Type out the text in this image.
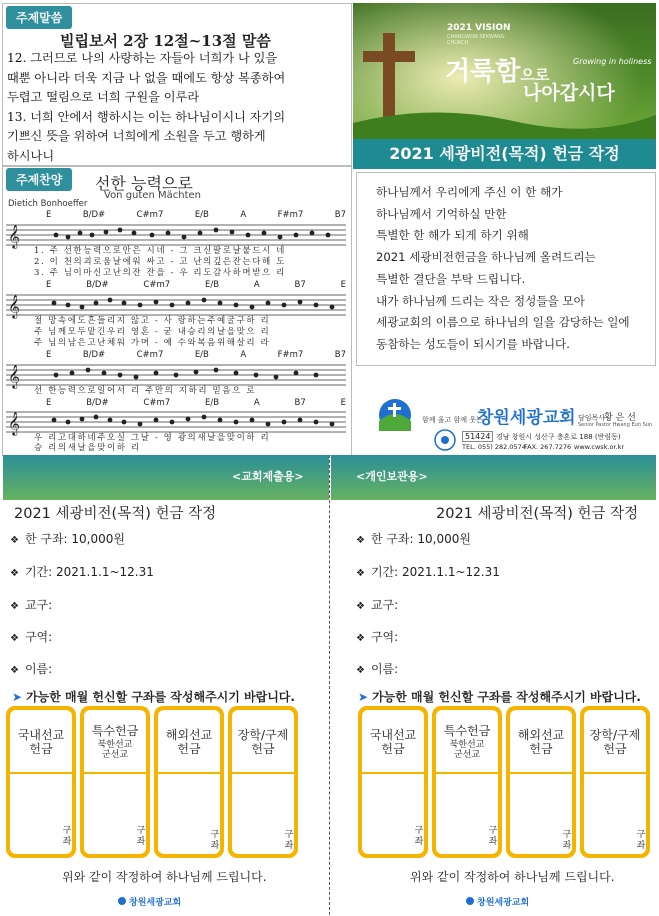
주제말씀
빌립보서 2장 12절~13절 말씀
12. 그러므로 나의 사랑하는 자들아 너희가 나 있을
때뿐 아니라 더욱 지금 나 없을 때에도 항상 복종하여
두렵고 떨림으로 너희 구원을 이루라
13. 너희 안에서 행하시는 이는 하나님이시니 자기의
기쁘신 뜻을 위하여 너희에게 소원을 두고 행하게
하시나니
주제찬양	선한 능력으로
Von guten Mächten
Dietich Bonhoeffer
E	B/D#	C#m7	E/B	A	F#m7	B7
𝄞
1. 주 선한능력으로안은 시네 - 그 크신팔로날붙드시 네
2. 이 천의괴로움날에워 싸고 - 고 난의깊은잔는다해 도
3. 주 님이마신고난의잔 잔을 - 우 리도감사하며받으 리
E	B/D#	C#m7	E/B	A	B7	E
𝄞
절 망속에도흔들리지 않고 - 사 랑하는주예굴구하 리
주 님께모두맡긴우리 영혼 - 굳 내승리의날을맞으 리
주 님의남은고난체워 가며 - 예 수와복음위해살리 라
E	B/D#	C#m7	E/B	A	F#m7	B7
𝄞
선 한능력으로일어서 리 주만의 지하리 믿음으 로
E	B/D#	C#m7	E/B	A	B7	E
𝄞
우 리고대하네주오실 그날 - 영 광의새날을맞이하 리
승 리의새날을맞이하 리
2021 VISION
CHANGWON SEKWANG CHURCH
거룩함으로
나아갑시다
Growing in holiness
2021 세광비전(목적) 헌금 작정
하나님께서 우리에게 주신 이 한 해가
하나님께서 기억하실 만한
특별한 한 해가 되게 하기 위해
2021 세광비전헌금을 하나님께 올려드리는
특별한 결단을 부탁 드립니다.
내가 하나님께 드리는 작은 정성들을 모아
세광교회의 이름으로 하나님의 일을 감당하는 일에
동참하는 성도들이 되시기를 바랍니다.
함께 울고 함께 웃는
창원세광교회 담임목사
황 은 선
Senior Pastor Hwang Eun Sun
51424 경남 창원시 성산구 충혼로 188 (반림동)
TEL. 055) 282.0574
FAX. 267.7276 www.cwsk.or.kr
<교회제출용>
2021 세광비전(목적) 헌금 작정
❖ 한 구좌: 10,000원
❖ 기간: 2021.1.1~12.31
❖ 교구:
❖ 구역:
❖ 이름:
➤ 가능한 매월 헌신할 구좌를 작성해주시기 바랍니다.
국내선교
헌금
구좌
특수헌금
북한선교
군선교
구좌
해외선교
헌금
구좌
장학/구제
헌금
구좌
위와 같이 작정하여 하나님께 드립니다.
창원세광교회
<개인보관용>
2021 세광비전(목적) 헌금 작정
❖ 한 구좌: 10,000원
❖ 기간: 2021.1.1~12.31
❖ 교구:
❖ 구역:
❖ 이름:
➤ 가능한 매월 헌신할 구좌를 작성해주시기 바랍니다.
국내선교
헌금
구좌
특수헌금
북한선교
군선교
구좌
해외선교
헌금
구좌
장학/구제
헌금
구좌
위와 같이 작정하여 하나님께 드립니다.
창원세광교회
